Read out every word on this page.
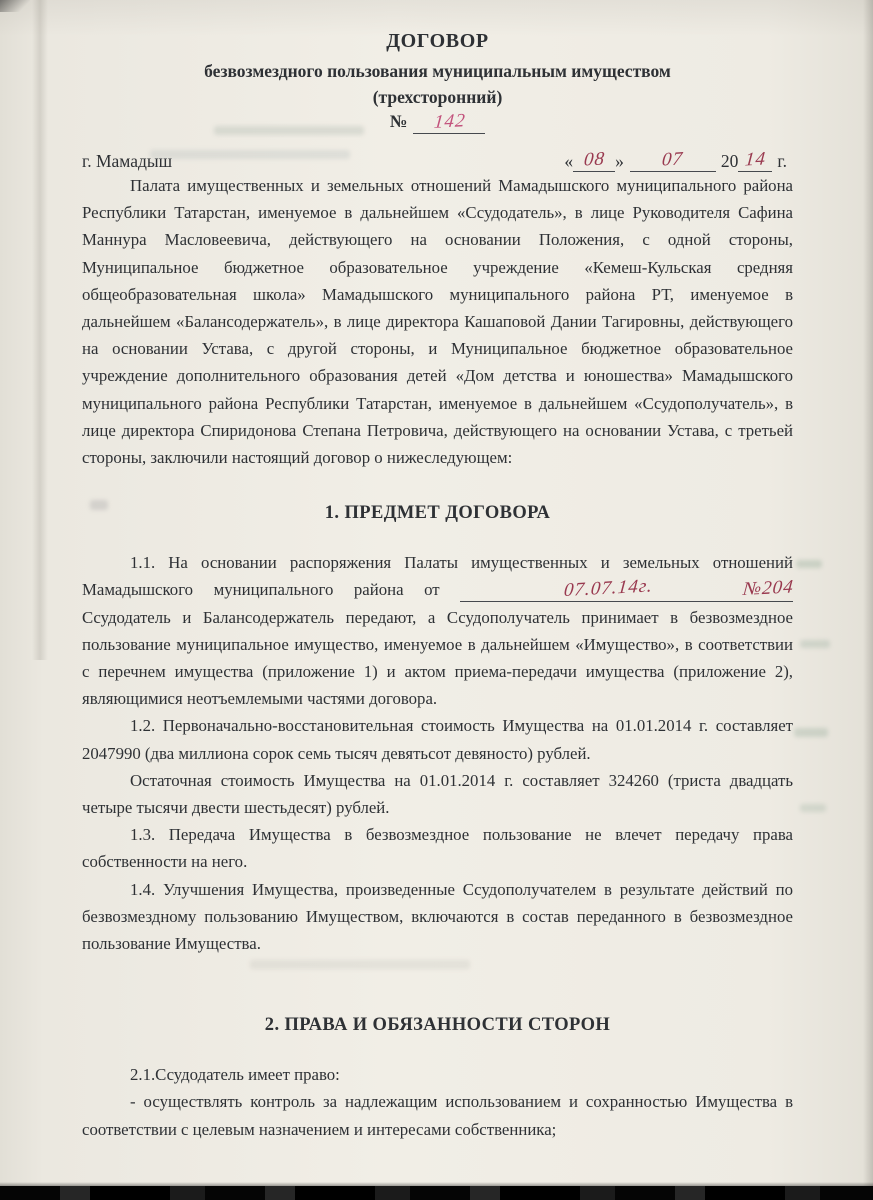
ДОГОВОР
безвозмездного пользования муниципальным имуществом
(трехсторонний)
№ 142
г. Мамадыш	« 08 »	07	20 14 г.

Палата имущественных и земельных отношений Мамадышского муниципального района Республики Татарстан, именуемое в дальнейшем «Ссудодатель», в лице Руководителя Сафина Маннура Масловеевича, действующего на основании Положения, с одной стороны, Муниципальное бюджетное образовательное учреждение «Кемеш-Кульская средняя общеобразовательная школа» Мамадышского муниципального района РТ, именуемое в дальнейшем «Балансодержатель», в лице директора Кашаповой Дании Тагировны, действующего на основании Устава, с другой стороны, и Муниципальное бюджетное образовательное учреждение дополнительного образования детей «Дом детства и юношества» Мамадышского муниципального района Республики Татарстан, именуемое в дальнейшем «Ссудополучатель», в лице директора Спиридонова Степана Петровича, действующего на основании Устава, с третьей стороны, заключили настоящий договор о нижеследующем:

1. ПРЕДМЕТ ДОГОВОРА

1.1. На основании распоряжения Палаты имущественных и земельных отношений Мамадышского муниципального района от	07.07.14г.	№204 Ссудодатель и Балансодержатель передают, а Ссудополучатель принимает в безвозмездное пользование муниципальное имущество, именуемое в дальнейшем «Имущество», в соответствии с перечнем имущества (приложение 1) и актом приема-передачи имущества (приложение 2), являющимися неотъемлемыми частями договора.

1.2. Первоначально-восстановительная стоимость Имущества на 01.01.2014 г. составляет 2047990 (два миллиона сорок семь тысяч девятьсот девяносто) рублей.

Остаточная стоимость Имущества на 01.01.2014 г. составляет 324260 (триста двадцать четыре тысячи двести шестьдесят) рублей.

1.3. Передача Имущества в безвозмездное пользование не влечет передачу права собственности на него.

1.4. Улучшения Имущества, произведенные Ссудополучателем в результате действий по безвозмездному пользованию Имуществом, включаются в состав переданного в безвозмездное пользование Имущества.

2. ПРАВА И ОБЯЗАННОСТИ СТОРОН

2.1.Ссудодатель имеет право:

- осуществлять контроль за надлежащим использованием и сохранностью Имущества в соответствии с целевым назначением и интересами собственника;
